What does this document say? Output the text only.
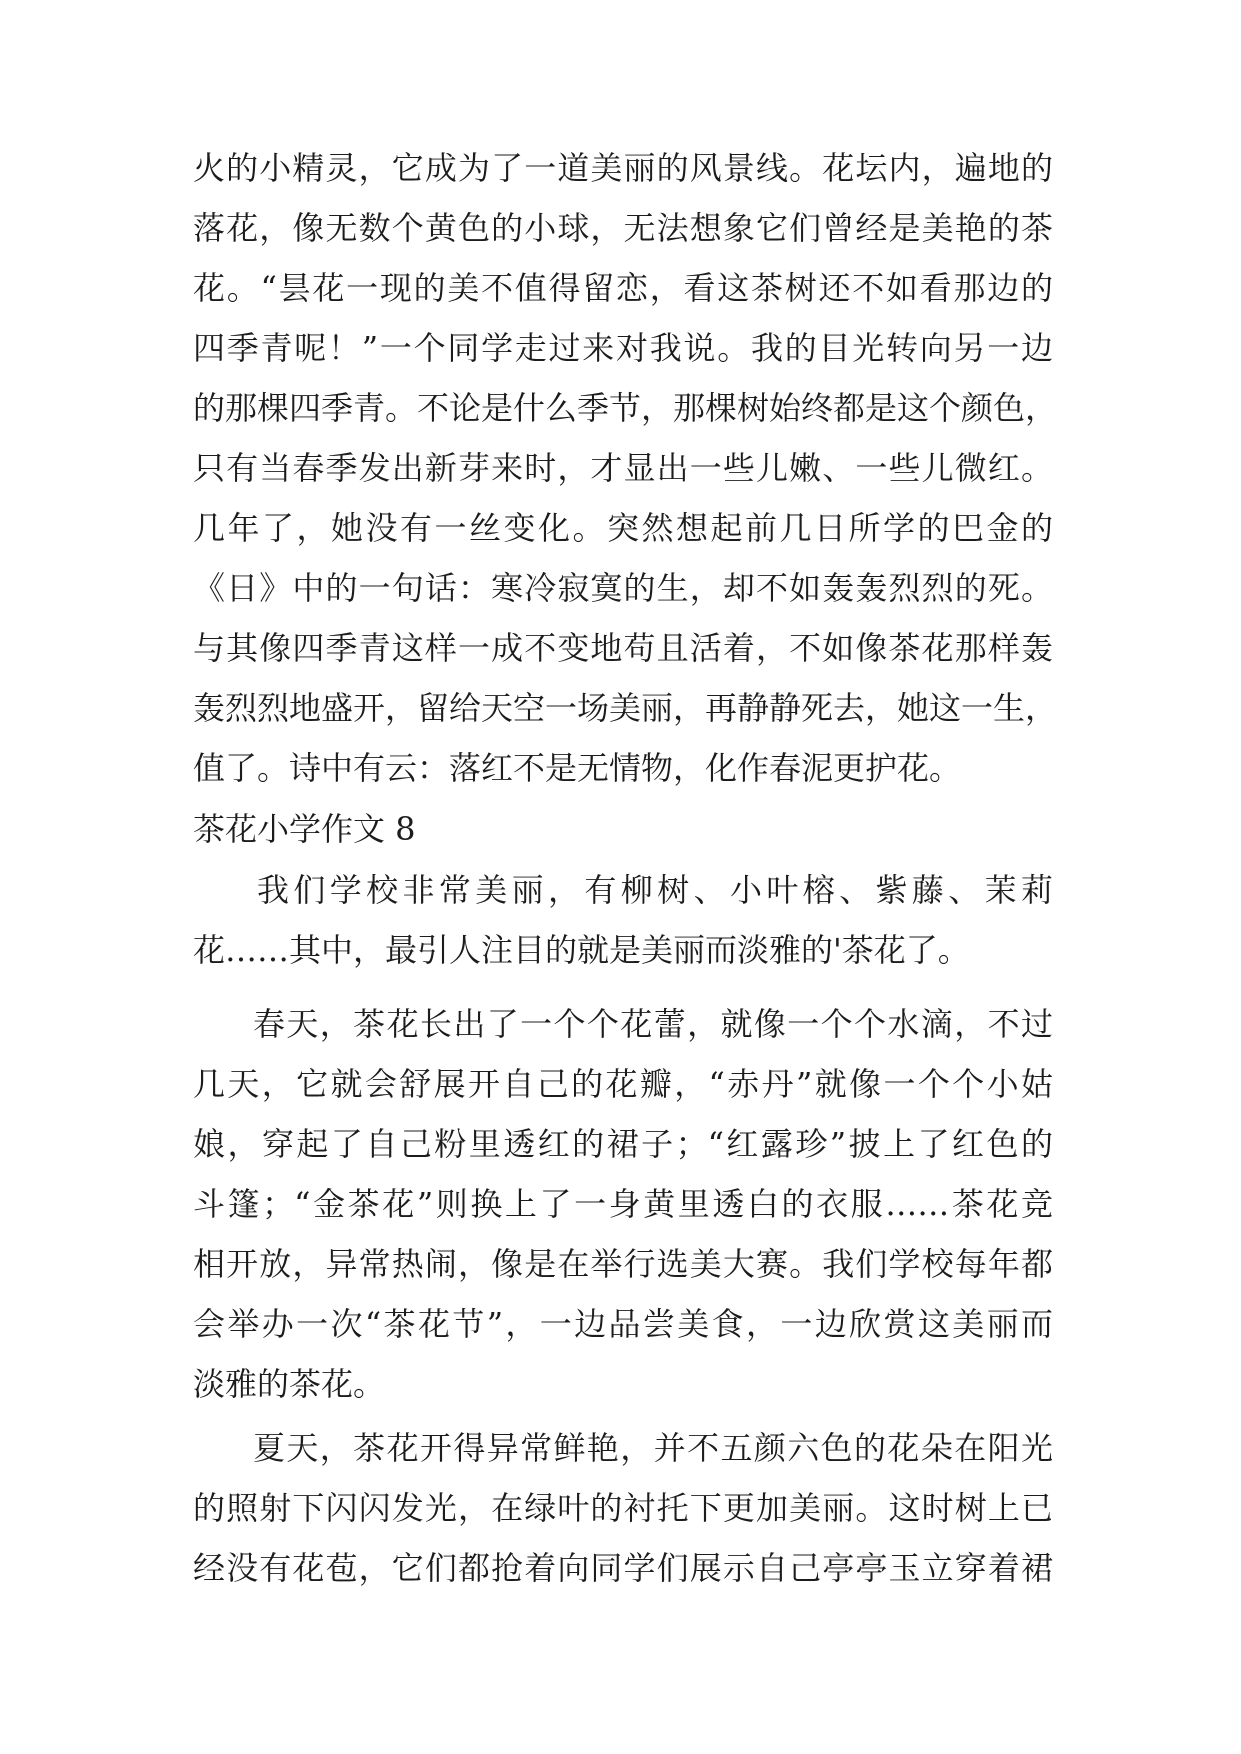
火的小精灵，它成为了一道美丽的风景线。花坛内，遍地的
落花，像无数个黄色的小球，无法想象它们曾经是美艳的茶
花。“昙花一现的美不值得留恋，看这茶树还不如看那边的
四季青呢！”一个同学走过来对我说。我的目光转向另一边
的那棵四季青。不论是什么季节，那棵树始终都是这个颜色，
只有当春季发出新芽来时，才显出一些儿嫩、一些儿微红。
几年了，她没有一丝变化。突然想起前几日所学的巴金的
《日》中的一句话：寒冷寂寞的生，却不如轰轰烈烈的死。
与其像四季青这样一成不变地苟且活着，不如像茶花那样轰
轰烈烈地盛开，留给天空一场美丽，再静静死去，她这一生，
值了。诗中有云：落红不是无情物，化作春泥更护花。
茶花小学作文 8
我们学校非常美丽，有柳树、小叶榕、紫藤、茉莉
花……其中，最引人注目的就是美丽而淡雅的'茶花了。
春天，茶花长出了一个个花蕾，就像一个个水滴，不过
几天，它就会舒展开自己的花瓣，“赤丹”就像一个个小姑
娘，穿起了自己粉里透红的裙子；“红露珍”披上了红色的
斗篷；“金茶花”则换上了一身黄里透白的衣服……茶花竞
相开放，异常热闹，像是在举行选美大赛。我们学校每年都
会举办一次“茶花节”，一边品尝美食，一边欣赏这美丽而
淡雅的茶花。
夏天，茶花开得异常鲜艳，并不五颜六色的花朵在阳光
的照射下闪闪发光，在绿叶的衬托下更加美丽。这时树上已
经没有花苞，它们都抢着向同学们展示自己亭亭玉立穿着裙
